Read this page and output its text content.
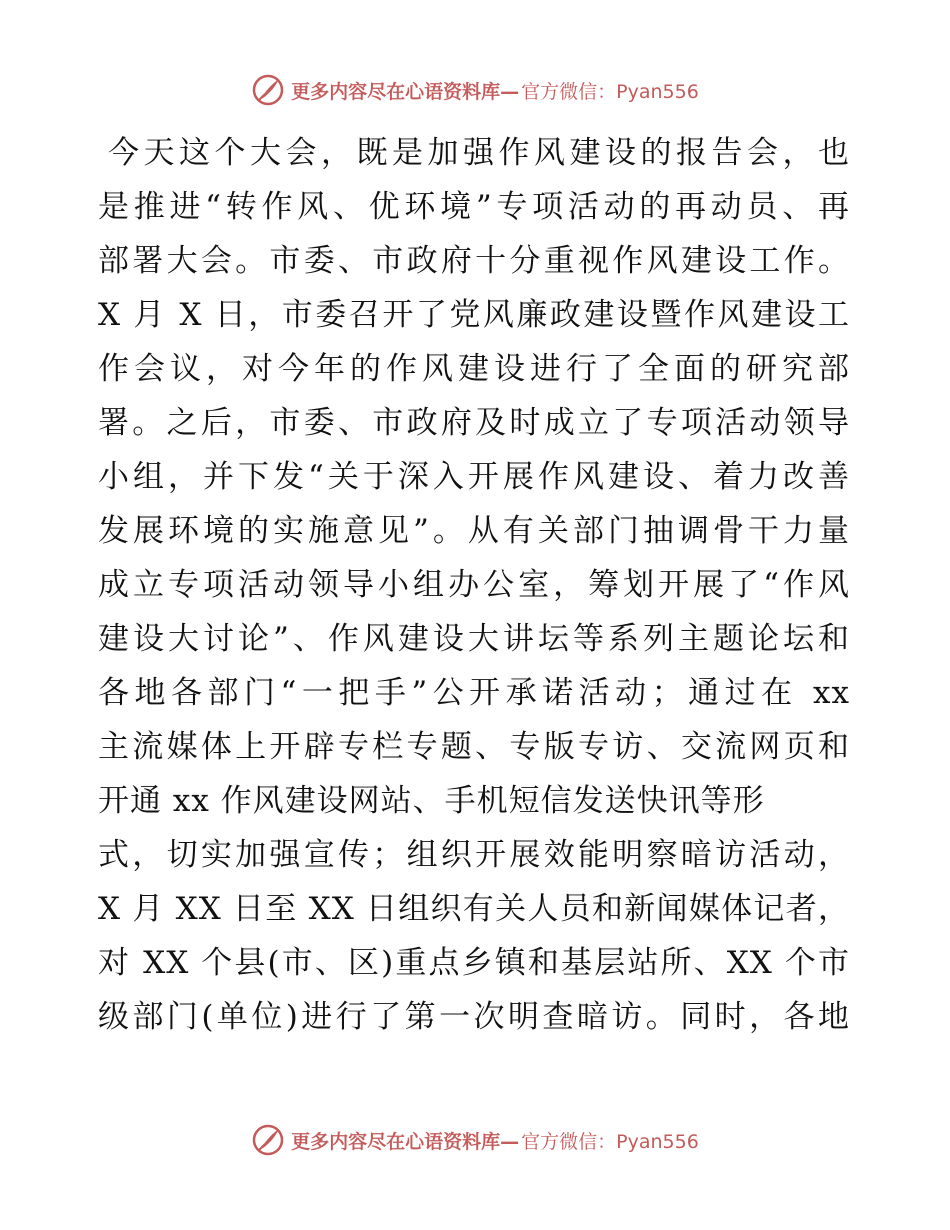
更多内容尽在心语资料库— 官方微信：Pyan556
今天这个大会，既是加强作风建设的报告会，也
是推进“转作风、优环境”专项活动的再动员、再
部署大会。市委、市政府十分重视作风建设工作。
X 月 X 日，市委召开了党风廉政建设暨作风建设工
作会议，对今年的作风建设进行了全面的研究部
署。之后，市委、市政府及时成立了专项活动领导
小组，并下发“关于深入开展作风建设、着力改善
发展环境的实施意见”。从有关部门抽调骨干力量
成立专项活动领导小组办公室，筹划开展了“作风
建设大讨论”、作风建设大讲坛等系列主题论坛和
各地各部门“一把手”公开承诺活动；通过在 xx
主流媒体上开辟专栏专题、专版专访、交流网页和
开通 xx 作风建设网站、手机短信发送快讯等形
式，切实加强宣传；组织开展效能明察暗访活动，
X 月 XX 日至 XX 日组织有关人员和新闻媒体记者，
对 XX 个县(市、区)重点乡镇和基层站所、XX 个市
级部门(单位)进行了第一次明查暗访。同时，各地
更多内容尽在心语资料库— 官方微信：Pyan556
